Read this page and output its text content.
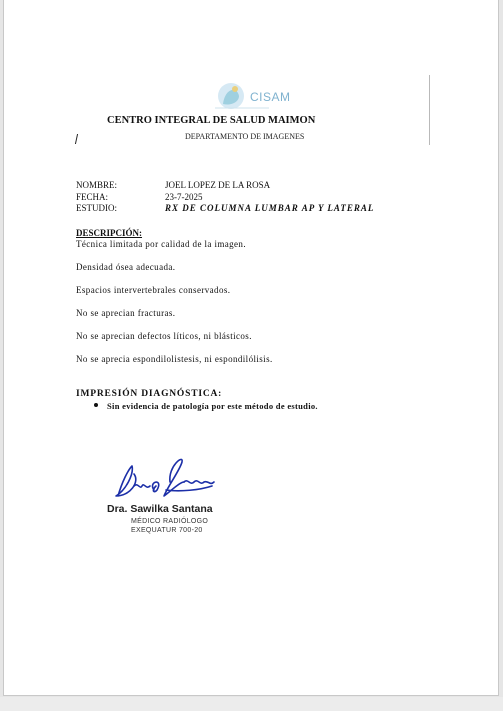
CISAM
CENTRO INTEGRAL DE SALUD MAIMON
DEPARTAMENTO DE IMAGENES
NOMBRE:	JOEL LOPEZ DE LA ROSA
FECHA:	23-7-2025
ESTUDIO:	RX DE COLUMNA LUMBAR AP Y LATERAL
DESCRIPCIÓN:
Técnica limitada por calidad de la imagen.
Densidad ósea adecuada.
Espacios intervertebrales conservados.
No se aprecian fracturas.
No se aprecian defectos líticos, ni blásticos.
No se aprecia espondilolistesis, ni espondilólisis.
IMPRESIÓN DIAGNÓSTICA:
Sin evidencia de patología por este método de estudio.
Dra. Sawilka Santana
MÉDICO RADIÓLOGO
EXEQUATUR 700-20
